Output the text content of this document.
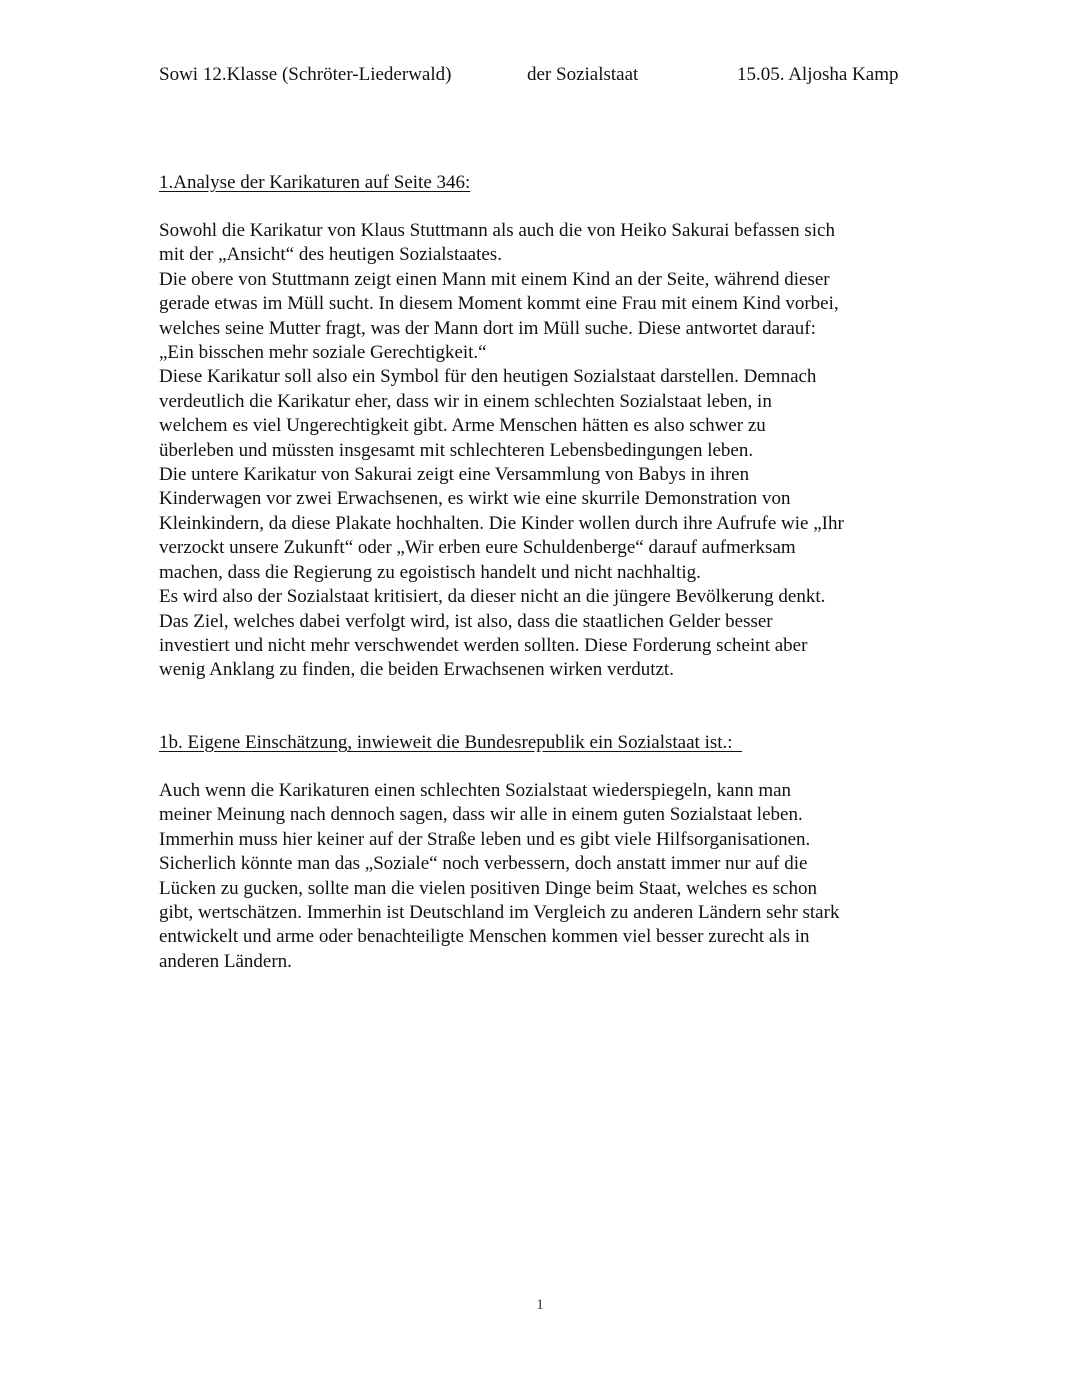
Sowi 12.Klasse (Schröter-Liederwald)	der Sozialstaat	15.05. Aljosha Kamp

1.Analyse der Karikaturen auf Seite 346:

Sowohl die Karikatur von Klaus Stuttmann als auch die von Heiko Sakurai befassen sich

mit der „Ansicht“ des heutigen Sozialstaates.

Die obere von Stuttmann zeigt einen Mann mit einem Kind an der Seite, während dieser

gerade etwas im Müll sucht. In diesem Moment kommt eine Frau mit einem Kind vorbei,

welches seine Mutter fragt, was der Mann dort im Müll suche. Diese antwortet darauf:

„Ein bisschen mehr soziale Gerechtigkeit.“

Diese Karikatur soll also ein Symbol für den heutigen Sozialstaat darstellen. Demnach

verdeutlich die Karikatur eher, dass wir in einem schlechten Sozialstaat leben, in

welchem es viel Ungerechtigkeit gibt. Arme Menschen hätten es also schwer zu

überleben und müssten insgesamt mit schlechteren Lebensbedingungen leben.

Die untere Karikatur von Sakurai zeigt eine Versammlung von Babys in ihren

Kinderwagen vor zwei Erwachsenen, es wirkt wie eine skurrile Demonstration von

Kleinkindern, da diese Plakate hochhalten. Die Kinder wollen durch ihre Aufrufe wie „Ihr

verzockt unsere Zukunft“ oder „Wir erben eure Schuldenberge“ darauf aufmerksam

machen, dass die Regierung zu egoistisch handelt und nicht nachhaltig.

Es wird also der Sozialstaat kritisiert, da dieser nicht an die jüngere Bevölkerung denkt.

Das Ziel, welches dabei verfolgt wird, ist also, dass die staatlichen Gelder besser

investiert und nicht mehr verschwendet werden sollten. Diese Forderung scheint aber

wenig Anklang zu finden, die beiden Erwachsenen wirken verdutzt.

1b. Eigene Einschätzung, inwieweit die Bundesrepublik ein Sozialstaat ist.:

Auch wenn die Karikaturen einen schlechten Sozialstaat wiederspiegeln, kann man

meiner Meinung nach dennoch sagen, dass wir alle in einem guten Sozialstaat leben.

Immerhin muss hier keiner auf der Straße leben und es gibt viele Hilfsorganisationen.

Sicherlich könnte man das „Soziale“ noch verbessern, doch anstatt immer nur auf die

Lücken zu gucken, sollte man die vielen positiven Dinge beim Staat, welches es schon

gibt, wertschätzen. Immerhin ist Deutschland im Vergleich zu anderen Ländern sehr stark

entwickelt und arme oder benachteiligte Menschen kommen viel besser zurecht als in

anderen Ländern.

1
